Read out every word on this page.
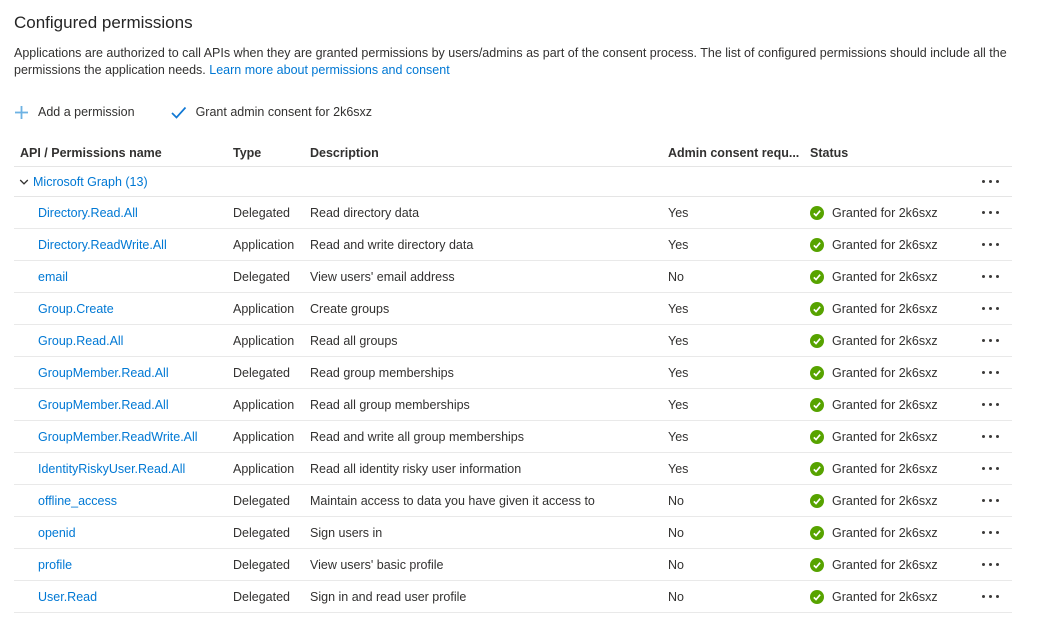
Configured permissions

Applications are authorized to call APIs when they are granted permissions by users/admins as part of the consent process. The list of configured permissions should include all the permissions the application needs. Learn more about permissions and consent

Add a permission	Grant admin consent for 2k6sxz
API / Permissions name	Type	Description	Admin consent requ... Status
Microsoft Graph (13)
Directory.Read.All	Delegated	Read directory data	Yes	Granted for 2k6sxz
Directory.ReadWrite.All	Application	Read and write directory data	Yes	Granted for 2k6sxz
email	Delegated	View users' email address	No	Granted for 2k6sxz
Group.Create	Application	Create groups	Yes	Granted for 2k6sxz
Group.Read.All	Application	Read all groups	Yes	Granted for 2k6sxz
GroupMember.Read.All	Delegated	Read group memberships	Yes	Granted for 2k6sxz
GroupMember.Read.All	Application	Read all group memberships	Yes	Granted for 2k6sxz
GroupMember.ReadWrite.All	Application	Read and write all group memberships	Yes	Granted for 2k6sxz
IdentityRiskyUser.Read.All	Application	Read all identity risky user information	Yes	Granted for 2k6sxz
offline_access	Delegated	Maintain access to data you have given it access to	No	Granted for 2k6sxz
openid	Delegated	Sign users in	No	Granted for 2k6sxz
profile	Delegated	View users' basic profile	No	Granted for 2k6sxz
User.Read	Delegated	Sign in and read user profile	No	Granted for 2k6sxz
